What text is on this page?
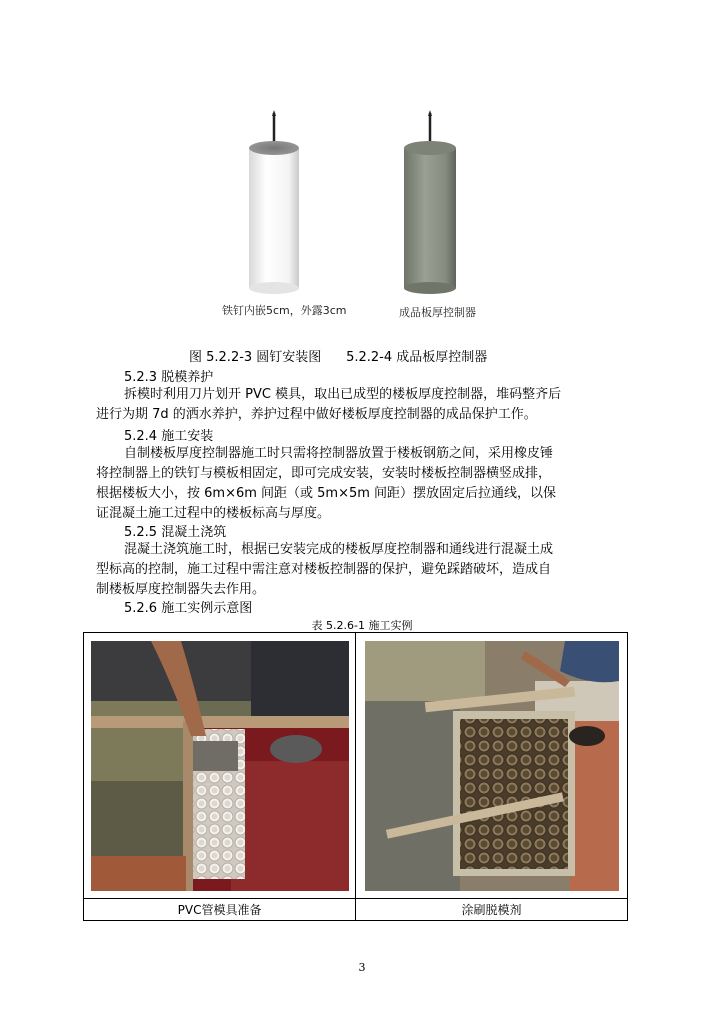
铁钉内嵌5cm，外露3cm	成品板厚控制器
图 5.2.2-3 圆钉安装图      5.2.2-4 成品板厚控制器
5.2.3 脱模养护
拆模时利用刀片划开 PVC 模具，取出已成型的楼板厚度控制器，堆码整齐后
进行为期 7d 的洒水养护，养护过程中做好楼板厚度控制器的成品保护工作。
5.2.4 施工安装
自制楼板厚度控制器施工时只需将控制器放置于楼板钢筋之间，采用橡皮锤
将控制器上的铁钉与模板相固定，即可完成安装，安装时楼板控制器横竖成排，
根据楼板大小，按 6m×6m 间距（或 5m×5m 间距）摆放固定后拉通线，以保
证混凝土施工过程中的楼板标高与厚度。
5.2.5 混凝土浇筑
混凝土浇筑施工时，根据已安装完成的楼板厚度控制器和通线进行混凝土成
型标高的控制，施工过程中需注意对楼板控制器的保护，避免踩踏破坏，造成自
制楼板厚度控制器失去作用。
5.2.6 施工实例示意图
表 5.2.6-1 施工实例

PVC管模具准备	涂刷脱模剂
3
